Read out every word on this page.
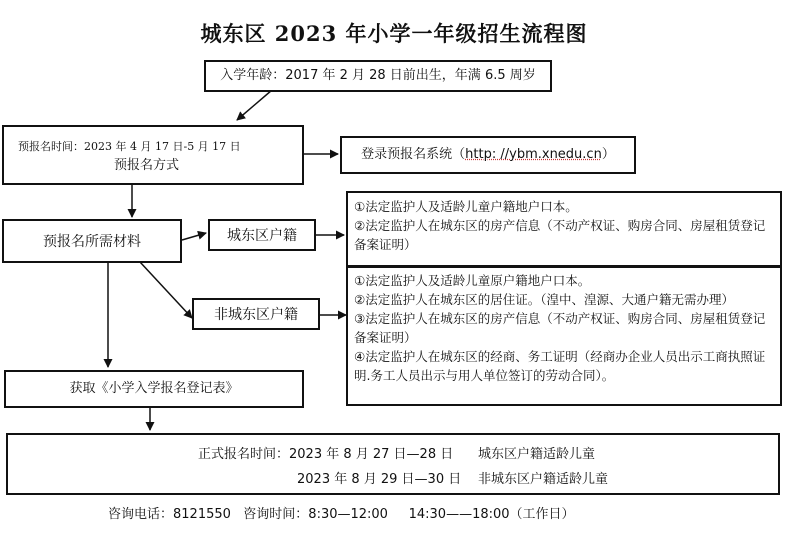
城东区 2023 年小学一年级招生流程图
入学年龄：2017 年 2 月 28 日前出生，年满 6.5 周岁
预报名时间：2023 年 4 月 17 日-5 月 17 日
预报名方式
登录预报名系统（ http: //ybm.xnedu.cn ）
预报名所需材料	城东区户籍
①法定监护人及适龄儿童户籍地户口本。
②法定监护人在城东区的房产信息（不动产权证、购房合同、房屋租赁登记备案证明）
非城东区户籍
①法定监护人及适龄儿童原户籍地户口本。
②法定监护人在城东区的居住证。（湟中、湟源、大通户籍无需办理）
③法定监护人在城东区的房产信息（不动产权证、购房合同、房屋租赁登记备案证明）
④法定监护人在城东区的经商、务工证明（经商办企业人员出示工商执照证明.务工人员出示与用人单位签订的劳动合同）。
获取《小学入学报名登记表》
正式报名时间：2023 年 8 月 27 日—28 日 城东区户籍适龄儿童
2023 年 8 月 29 日—30 日 非城东区户籍适龄儿童
咨询电话：8121550   咨询时间：8:30—12:00     14:30——18:00（工作日）
